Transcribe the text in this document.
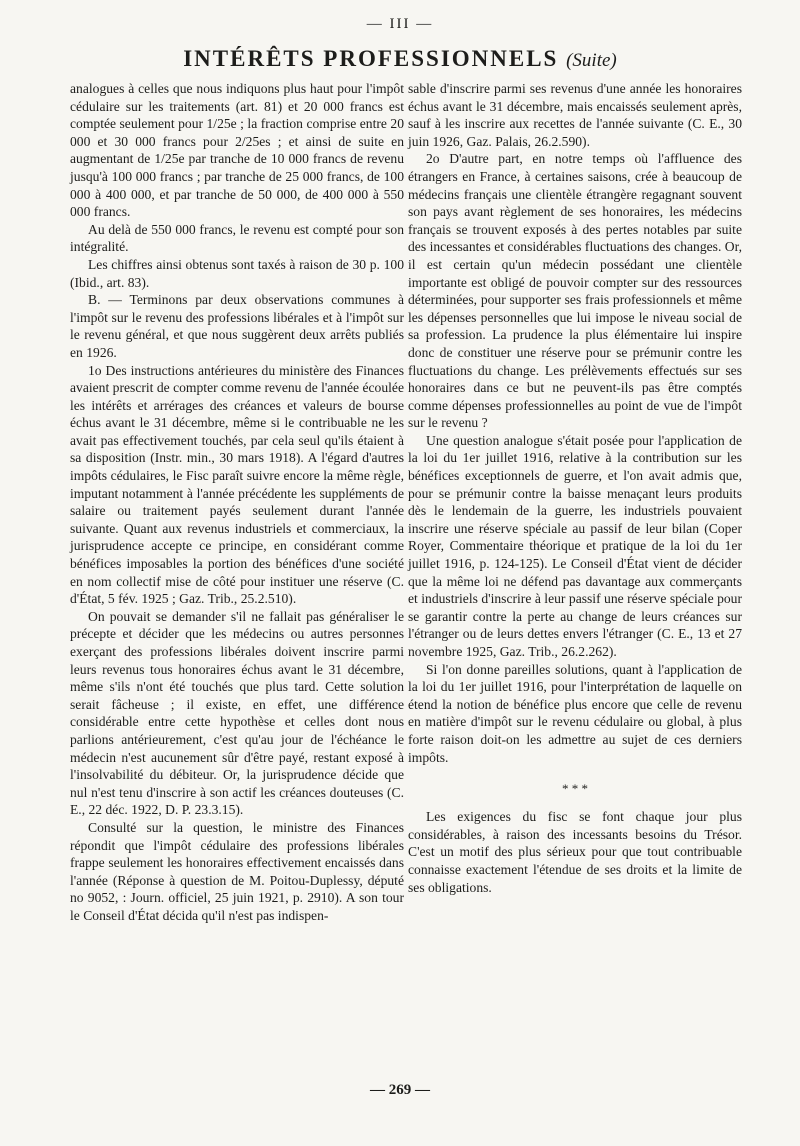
— III —
INTÉRÊTS PROFESSIONNELS (Suite)

analogues à celles que nous indiquons plus haut pour l'impôt cédulaire sur les traitements (art. 81) et 20 000 francs est comptée seulement pour 1/25e ; la fraction comprise entre 20 000 et 30 000 francs pour 2/25es ; et ainsi de suite en augmentant de 1/25e par tranche de 10 000 francs de revenu jusqu'à 100 000 francs ; par tranche de 25 000 francs, de 100 000 à 400 000, et par tranche de 50 000, de 400 000 à 550 000 francs.

Au delà de 550 000 francs, le revenu est compté pour son intégralité.

Les chiffres ainsi obtenus sont taxés à raison de 30 p. 100 (Ibid., art. 83).

B. — Terminons par deux observations communes à l'impôt sur le revenu des professions libérales et à l'impôt sur le revenu général, et que nous suggèrent deux arrêts publiés en 1926.

1o Des instructions antérieures du ministère des Finances avaient prescrit de compter comme revenu de l'année écoulée les intérêts et arrérages des créances et valeurs de bourse échus avant le 31 décembre, même si le contribuable ne les avait pas effectivement touchés, par cela seul qu'ils étaient à sa disposition (Instr. min., 30 mars 1918). A l'égard d'autres impôts cédulaires, le Fisc paraît suivre encore la même règle, imputant notamment à l'année précédente les suppléments de salaire ou traitement payés seulement durant l'année suivante. Quant aux revenus industriels et commerciaux, la jurisprudence accepte ce principe, en considérant comme bénéfices imposables la portion des bénéfices d'une société en nom collectif mise de côté pour instituer une réserve (C. d'État, 5 fév. 1925 ; Gaz. Trib., 25.2.510).

On pouvait se demander s'il ne fallait pas généraliser le précepte et décider que les médecins ou autres personnes exerçant des professions libérales doivent inscrire parmi leurs revenus tous honoraires échus avant le 31 décembre, même s'ils n'ont été touchés que plus tard. Cette solution serait fâcheuse ; il existe, en effet, une différence considérable entre cette hypothèse et celles dont nous parlions antérieurement, c'est qu'au jour de l'échéance le médecin n'est aucunement sûr d'être payé, restant exposé à l'insolvabilité du débiteur. Or, la jurisprudence décide que nul n'est tenu d'inscrire à son actif les créances douteuses (C. E., 22 déc. 1922, D. P. 23.3.15).

Consulté sur la question, le ministre des Finances répondit que l'impôt cédulaire des professions libérales frappe seulement les honoraires effectivement encaissés dans l'année (Réponse à question de M. Poitou-Duplessy, député no 9052, : Journ. officiel, 25 juin 1921, p. 2910). A son tour le Conseil d'État décida qu'il n'est pas indispen-

sable d'inscrire parmi ses revenus d'une année les honoraires échus avant le 31 décembre, mais encaissés seulement après, sauf à les inscrire aux recettes de l'année suivante (C. E., 30 juin 1926, Gaz. Palais, 26.2.590).

2o D'autre part, en notre temps où l'affluence des étrangers en France, à certaines saisons, crée à beaucoup de médecins français une clientèle étrangère regagnant souvent son pays avant règlement de ses honoraires, les médecins français se trouvent exposés à des pertes notables par suite des incessantes et considérables fluctuations des changes. Or, il est certain qu'un médecin possédant une clientèle importante est obligé de pouvoir compter sur des ressources déterminées, pour supporter ses frais professionnels et même les dépenses personnelles que lui impose le niveau social de sa profession. La prudence la plus élémentaire lui inspire donc de constituer une réserve pour se prémunir contre les fluctuations du change. Les prélèvements effectués sur ses honoraires dans ce but ne peuvent-ils pas être comptés comme dépenses professionnelles au point de vue de l'impôt sur le revenu ?

Une question analogue s'était posée pour l'application de la loi du 1er juillet 1916, relative à la contribution sur les bénéfices exceptionnels de guerre, et l'on avait admis que, pour se prémunir contre la baisse menaçant leurs produits dès le lendemain de la guerre, les industriels pouvaient inscrire une réserve spéciale au passif de leur bilan (Coper Royer, Commentaire théorique et pratique de la loi du 1er juillet 1916, p. 124-125). Le Conseil d'État vient de décider que la même loi ne défend pas davantage aux commerçants et industriels d'inscrire à leur passif une réserve spéciale pour se garantir contre la perte au change de leurs créances sur l'étranger ou de leurs dettes envers l'étranger (C. E., 13 et 27 novembre 1925, Gaz. Trib., 26.2.262).

Si l'on donne pareilles solutions, quant à l'application de la loi du 1er juillet 1916, pour l'interprétation de laquelle on étend la notion de bénéfice plus encore que celle de revenu en matière d'impôt sur le revenu cédulaire ou global, à plus forte raison doit-on les admettre au sujet de ces derniers impôts.

* * *

Les exigences du fisc se font chaque jour plus considérables, à raison des incessants besoins du Trésor. C'est un motif des plus sérieux pour que tout contribuable connaisse exactement l'étendue de ses droits et la limite de ses obligations.

— 269 —
